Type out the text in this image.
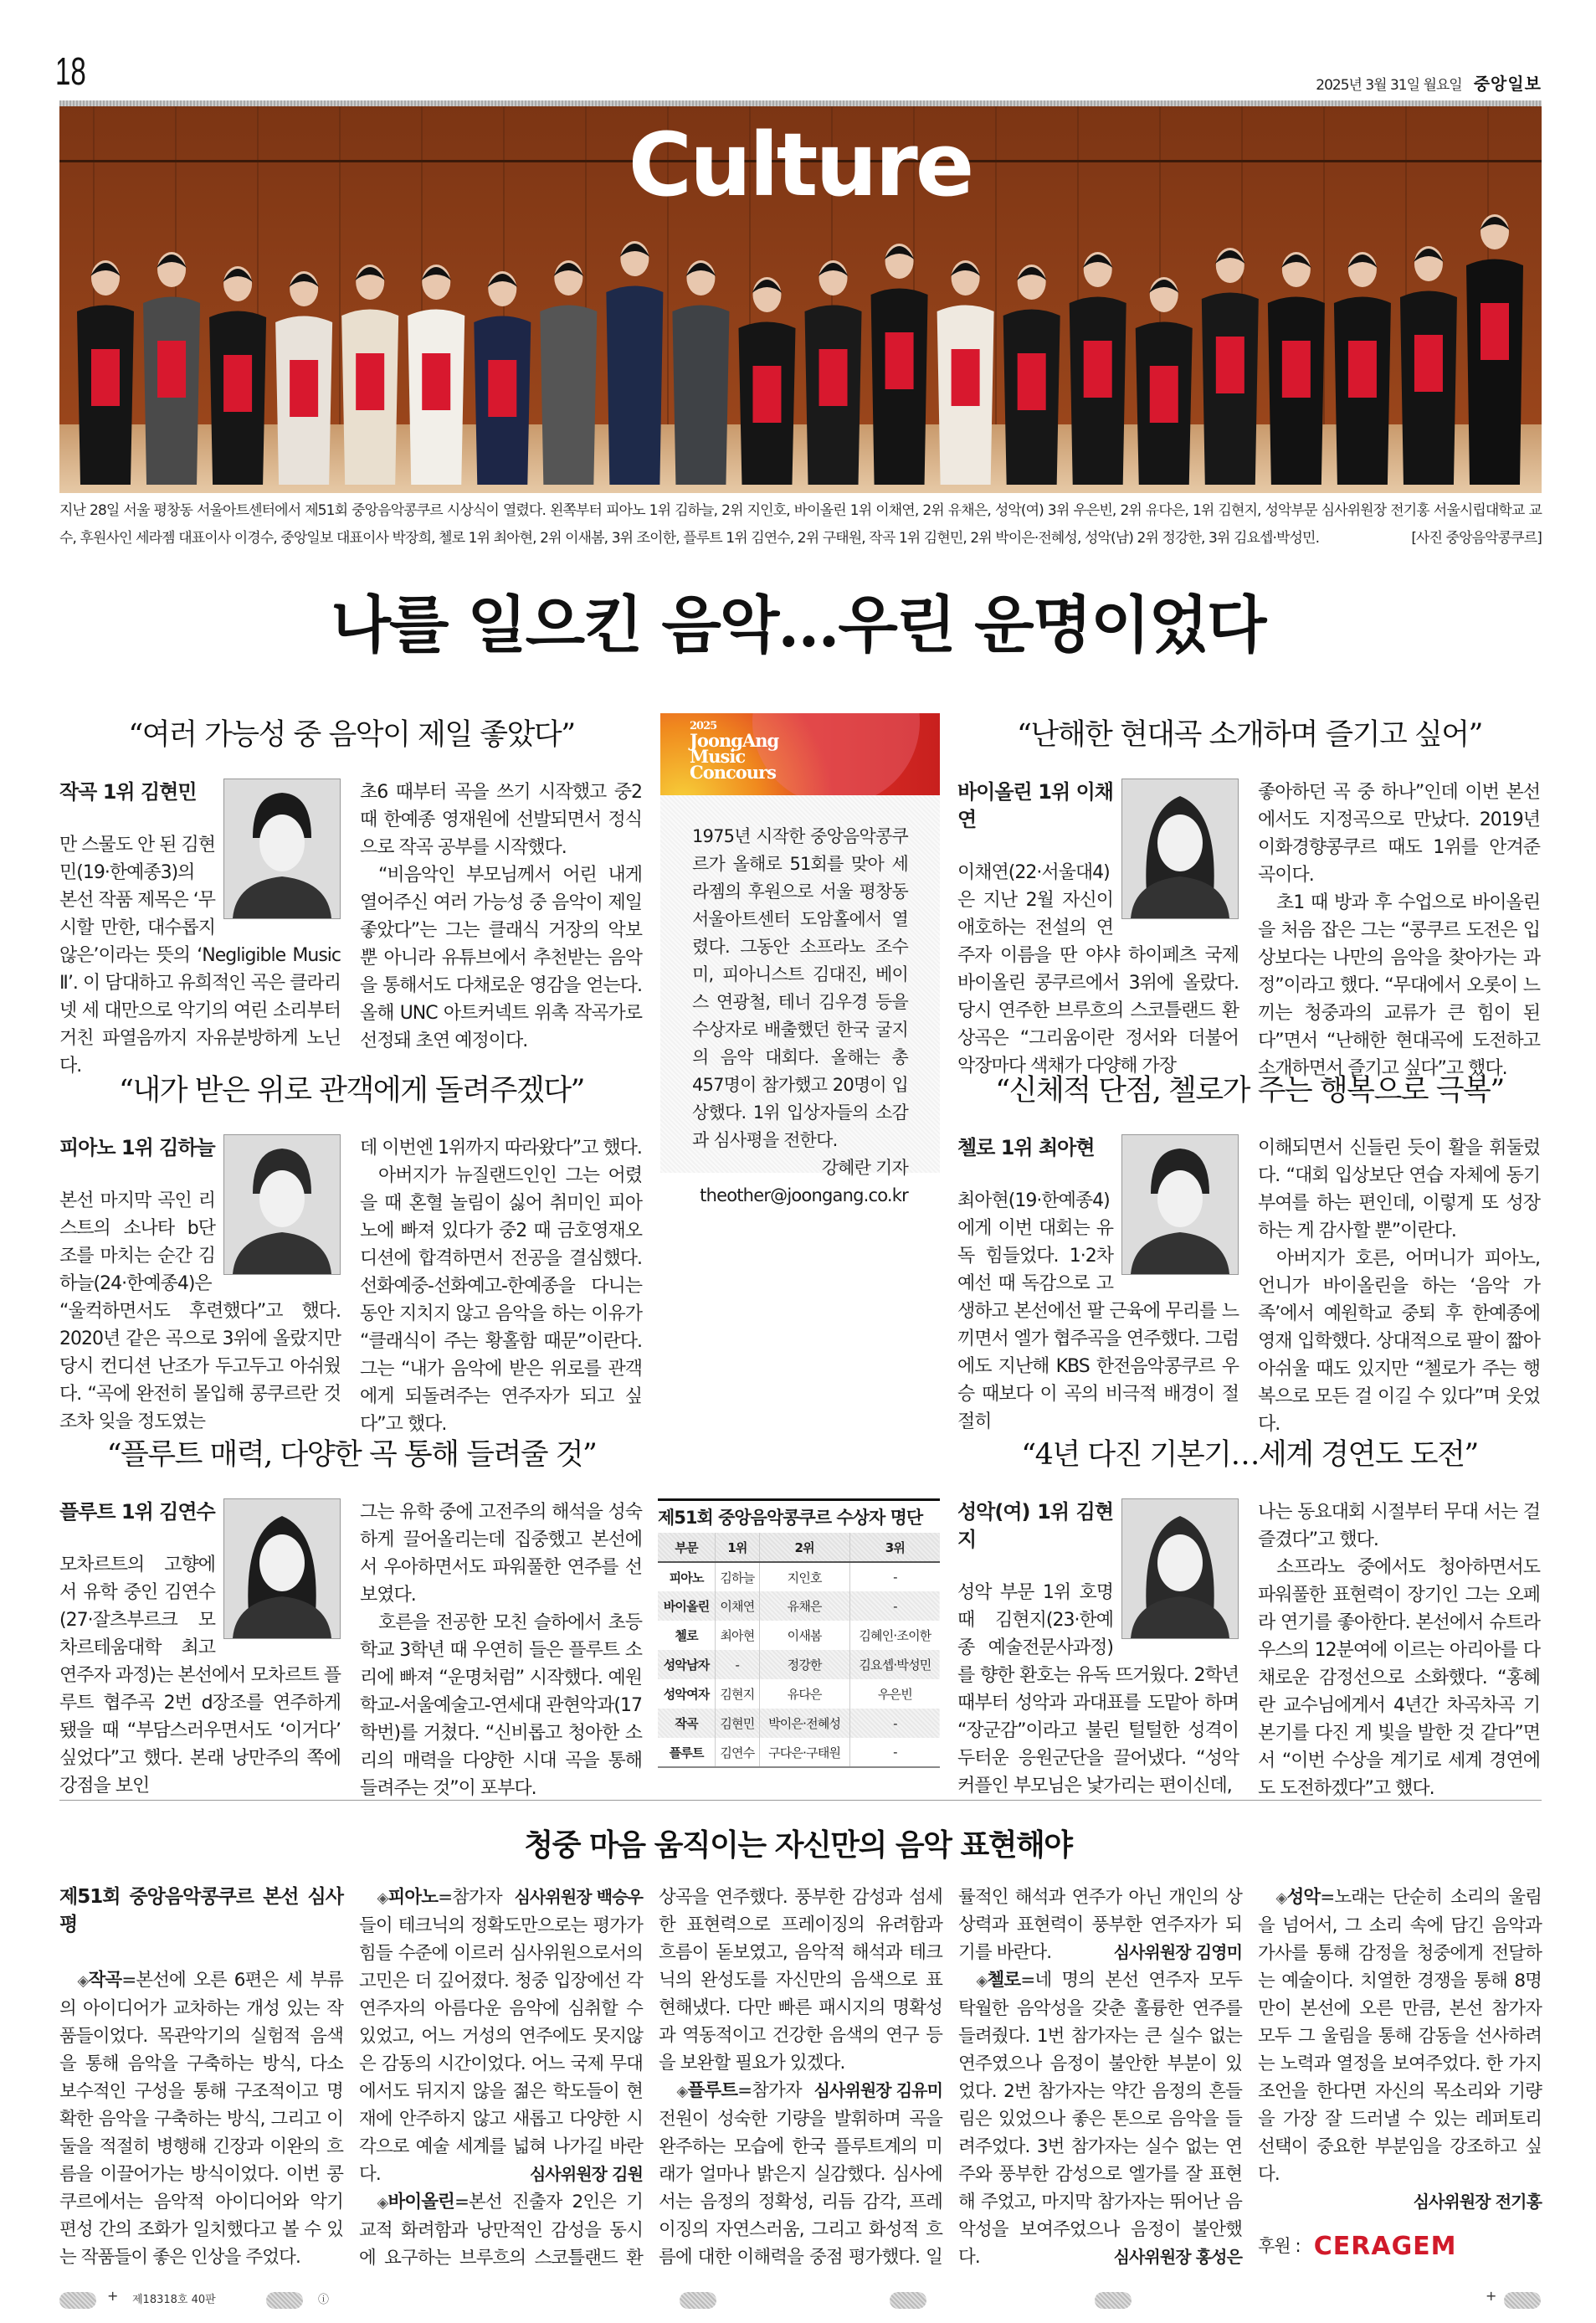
18	2025년 3월 31일 월요일 중앙일보
Culture
지난 28일 서울 평창동 서울아트센터에서 제51회 중앙음악콩쿠르 시상식이 열렸다. 왼쪽부터 피아노 1위 김하늘, 2위 지인호, 바이올린 1위 이채연, 2위 유채은, 성악(여) 3위 우은빈, 2위 유다은, 1위 김현지, 성악부문 심사위원장 전기홍 서울시립대학교 교수, 후원사인 세라젬 대표이사 이경수, 중앙일보 대표이사 박장희, 첼로 1위 최아현, 2위 이새봄, 3위 조이한, 플루트 1위 김연수, 2위 구태원, 작곡 1위 김현민, 2위 박이은·전혜성, 성악(남) 2위 정강한, 3위 김요셉·박성민.	[사진 중앙음악콩쿠르]
나를 일으킨 음악…우린 운명이었다
“여러 가능성 중 음악이 제일 좋았다”
작곡 1위 김현민

만 스물도 안 된 김현민(19·한예종3)의 본선 작품 제목은 ‘무시할 만한, 대수롭지 않은’이라는 뜻의 ‘Negligible Music Ⅱ’. 이 담대하고 유희적인 곡은 클라리넷 세 대만으로 악기의 여린 소리부터 거친 파열음까지 자유분방하게 노닌다.

초6 때부터 곡을 쓰기 시작했고 중2 때 한예종 영재원에 선발되면서 정식으로 작곡 공부를 시작했다.

“비음악인 부모님께서 어린 내게 열어주신 여러 가능성 중 음악이 제일 좋았다”는 그는 클래식 거장의 악보 뿐 아니라 유튜브에서 추천받는 음악을 통해서도 다채로운 영감을 얻는다. 올해 UNC 아트커넥트 위촉 작곡가로 선정돼 초연 예정이다.

“난해한 현대곡 소개하며 즐기고 싶어”
바이올린 1위 이채연

이채연(22·서울대4)은 지난 2월 자신이 애호하는 전설의 연주자 이름을 딴 야샤 하이페츠 국제 바이올린 콩쿠르에서 3위에 올랐다. 당시 연주한 브루흐의 스코틀랜드 환상곡은 “그리움이란 정서와 더불어 악장마다 색채가 다양해 가장

좋아하던 곡 중 하나”인데 이번 본선에서도 지정곡으로 만났다. 2019년 이화경향콩쿠르 때도 1위를 안겨준 곡이다.

초1 때 방과 후 수업으로 바이올린을 처음 잡은 그는 “콩쿠르 도전은 입상보다는 나만의 음악을 찾아가는 과정”이라고 했다. “무대에서 오롯이 느끼는 청중과의 교류가 큰 힘이 된다”면서 “난해한 현대곡에 도전하고 소개하면서 즐기고 싶다”고 했다.

“내가 받은 위로 관객에게 돌려주겠다”
피아노 1위 김하늘

본선 마지막 곡인 리스트의 소나타 b단조를 마치는 순간 김하늘(24·한예종4)은 “울컥하면서도 후련했다”고 했다. 2020년 같은 곡으로 3위에 올랐지만 당시 컨디션 난조가 두고두고 아쉬웠다. “곡에 완전히 몰입해 콩쿠르란 것조차 잊을 정도였는

데 이번엔 1위까지 따라왔다”고 했다.

아버지가 뉴질랜드인인 그는 어렸을 때 혼혈 놀림이 싫어 취미인 피아노에 빠져 있다가 중2 때 금호영재오디션에 합격하면서 전공을 결심했다. 선화예중-선화예고-한예종을 다니는 동안 지치지 않고 음악을 하는 이유가 “클래식이 주는 황홀함 때문”이란다. 그는 “내가 음악에 받은 위로를 관객에게 되돌려주는 연주자가 되고 싶다”고 했다.

“신체적 단점, 첼로가 주는 행복으로 극복”
첼로 1위 최아현

최아현(19·한예종4)에게 이번 대회는 유독 힘들었다. 1·2차 예선 때 독감으로 고생하고 본선에선 팔 근육에 무리를 느끼면서 엘가 협주곡을 연주했다. 그럼에도 지난해 KBS 한전음악콩쿠르 우승 때보다 이 곡의 비극적 배경이 절절히

이해되면서 신들린 듯이 활을 휘둘렀다. “대회 입상보단 연습 자체에 동기부여를 하는 편인데, 이렇게 또 성장하는 게 감사할 뿐”이란다.

아버지가 호른, 어머니가 피아노, 언니가 바이올린을 하는 ‘음악 가족’에서 예원학교 중퇴 후 한예종에 영재 입학했다. 상대적으로 팔이 짧아 아쉬울 때도 있지만 “첼로가 주는 행복으로 모든 걸 이길 수 있다”며 웃었다.

“플루트 매력, 다양한 곡 통해 들려줄 것”
플루트 1위 김연수

모차르트의 고향에서 유학 중인 김연수(27·잘츠부르크 모차르테움대학 최고연주자 과정)는 본선에서 모차르트 플루트 협주곡 2번 d장조를 연주하게 됐을 때 “부담스러우면서도 ‘이거다’ 싶었다”고 했다. 본래 낭만주의 쪽에 강점을 보인

그는 유학 중에 고전주의 해석을 성숙하게 끌어올리는데 집중했고 본선에서 우아하면서도 파워풀한 연주를 선보였다.

호른을 전공한 모친 슬하에서 초등학교 3학년 때 우연히 들은 플루트 소리에 빠져 “운명처럼” 시작했다. 예원학교-서울예술고-연세대 관현악과(17학번)를 거쳤다. “신비롭고 청아한 소리의 매력을 다양한 시대 곡을 통해 들려주는 것”이 포부다.

“4년 다진 기본기…세계 경연도 도전”
성악(여) 1위 김현지

성악 부문 1위 호명 때 김현지(23·한예종 예술전문사과정)를 향한 환호는 유독 뜨거웠다. 2학년 때부터 성악과 과대표를 도맡아 하며 “장군감”이라고 불린 털털한 성격이 두터운 응원군단을 끌어냈다. “성악 커플인 부모님은 낯가리는 편이신데,

나는 동요대회 시절부터 무대 서는 걸 즐겼다”고 했다.

소프라노 중에서도 청아하면서도 파워풀한 표현력이 장기인 그는 오페라 연기를 좋아한다. 본선에서 슈트라우스의 12분여에 이르는 아리아를 다채로운 감정선으로 소화했다. “홍혜란 교수님에게서 4년간 차곡차곡 기본기를 다진 게 빛을 발한 것 같다”면서 “이번 수상을 계기로 세계 경연에도 도전하겠다”고 했다.

2025
JoongAng
Music
Concours
1975년 시작한 중앙음악콩쿠르가 올해로 51회를 맞아 세라젬의 후원으로 서울 평창동 서울아트센터 도암홀에서 열렸다. 그동안 소프라노 조수미, 피아니스트 김대진, 베이스 연광철, 테너 김우경 등을 수상자로 배출했던 한국 굴지의 음악 대회다. 올해는 총 457명이 참가했고 20명이 입상했다. 1위 입상자들의 소감과 심사평을 전한다.
강혜란 기자
theother@joongang.co.kr
제51회 중앙음악콩쿠르 수상자 명단
부문	1위	2위	3위
피아노	김하늘	지인호	-
바이올린	이채연	유채은	-
첼로	최아현	이새봄	김혜인·조이한
성악남자	-	정강한	김요셉·박성민
성악여자	김현지	유다은	우은빈
작곡	김현민	박이은·전혜성	-
플루트	김연수	구다은·구태원	-
청중 마음 움직이는 자신만의 음악 표현해야
제51회 중앙음악콩쿠르 본선 심사평

◈ 작곡=본선에 오른 6편은 세 부류의 아이디어가 교차하는 개성 있는 작품들이었다. 목관악기의 실험적 음색을 통해 음악을 구축하는 방식, 다소 보수적인 구성을 통해 구조적이고 명확한 음악을 구축하는 방식, 그리고 이 둘을 적절히 병행해 긴장과 이완의 흐름을 이끌어가는 방식이었다. 이번 콩쿠르에서는 음악적 아이디어와 악기 편성 간의 조화가 일치했다고 볼 수 있는 작품들이 좋은 인상을 주었다.
심사위원장 백승우

◈ 피아노=참가자들이 테크닉의 정확도만으로는 평가가 힘들 수준에 이르러 심사위원으로서의 고민은 더 깊어졌다. 청중 입장에선 각 연주자의 아름다운 음악에 심취할 수 있었고, 어느 거성의 연주에도 못지않은 감동의 시간이었다. 어느 국제 무대에서도 뒤지지 않을 젊은 학도들이 현재에 안주하지 않고 새롭고 다양한 시각으로 예술 세계를 넓혀 나가길 바란다.	심사위원장 김원

◈ 바이올린=본선 진출자 2인은 기교적 화려함과 낭만적인 감성을 동시에 요구하는 브루흐의 스코틀랜드 환상곡을 연주했다. 풍부한 감성과 섬세한 표현력으로 프레이징의 유려함과 흐름이 돋보였고, 음악적 해석과 테크닉의 완성도를 자신만의 음색으로 표현해냈다. 다만 빠른 패시지의 명확성과 역동적이고 건강한 음색의 연구 등을 보완할 필요가 있겠다.
심사위원장 김유미

◈ 플루트=참가자 전원이 성숙한 기량을 발휘하며 곡을 완주하는 모습에 한국 플루트계의 미래가 얼마나 밝은지 실감했다. 심사에서는 음정의 정확성, 리듬 감각, 프레이징의 자연스러움, 그리고 화성적 흐름에 대한 이해력을 중점 평가했다. 일률적인 해석과 연주가 아닌 개인의 상상력과 표현력이 풍부한 연주자가 되기를 바란다.	심사위원장 김영미

◈ 첼로=네 명의 본선 연주자 모두 탁월한 음악성을 갖춘 훌륭한 연주를 들려줬다. 1번 참가자는 큰 실수 없는 연주였으나 음정이 불안한 부분이 있었다. 2번 참가자는 약간 음정의 흔들림은 있었으나 좋은 톤으로 음악을 들려주었다. 3번 참가자는 실수 없는 연주와 풍부한 감성으로 엘가를 잘 표현해 주었고, 마지막 참가자는 뛰어난 음악성을 보여주었으나 음정이 불안했다.	심사위원장 홍성은

◈ 성악=노래는 단순히 소리의 울림을 넘어서, 그 소리 속에 담긴 음악과 가사를 통해 감정을 청중에게 전달하는 예술이다. 치열한 경쟁을 통해 8명만이 본선에 오른 만큼, 본선 참가자 모두 그 울림을 통해 감동을 선사하려는 노력과 열정을 보여주었다. 한 가지 조언을 한다면 자신의 목소리와 기량을 가장 잘 드러낼 수 있는 레퍼토리 선택이 중요한 부분임을 강조하고 싶다.
심사위원장 전기홍

후원 : CERAGEM
+ 제18318호 40판	ⓘ	+
